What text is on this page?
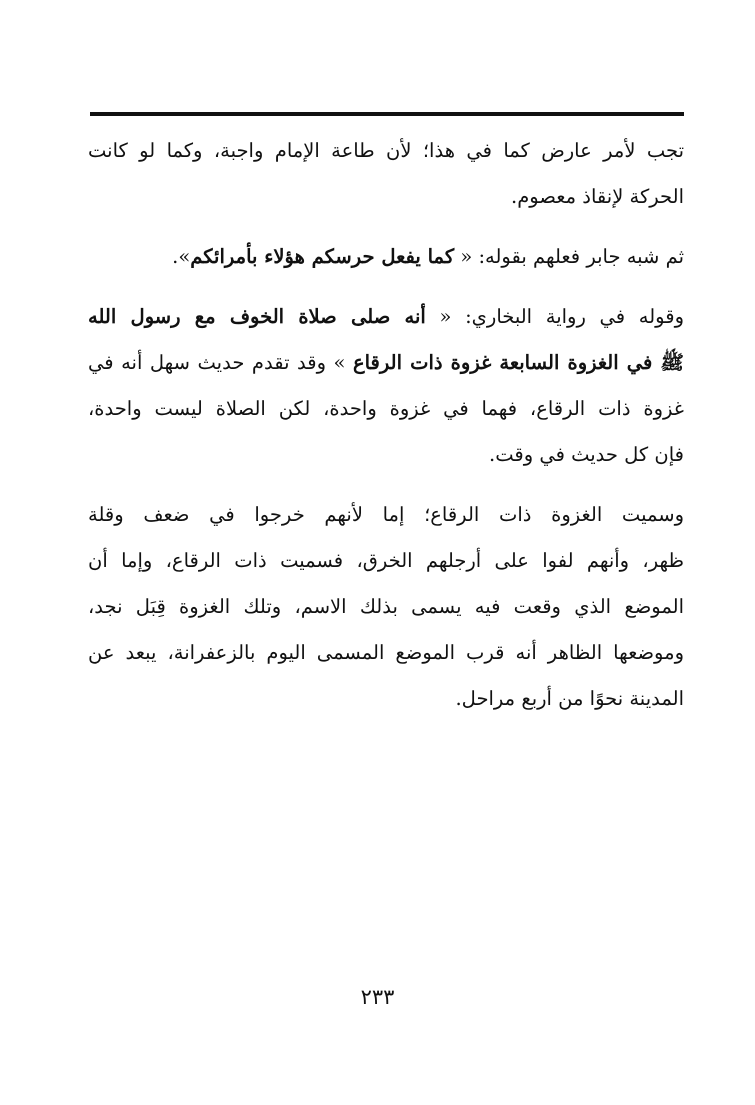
تجب لأمر عارض كما في هذا؛ لأن طاعة الإمام واجبة، وكما لو كانت
الحركة لإنقاذ معصوم.
ثم شبه جابر فعلهم بقوله: « كما يفعل حرسكم هؤلاء بأمرائكم».
وقوله في رواية البخاري: « أنه صلى صلاة الخوف مع رسول الله
ﷺ في الغزوة السابعة غزوة ذات الرقاع » وقد تقدم حديث سهل أنه في
غزوة ذات الرقاع، فهما في غزوة واحدة، لكن الصلاة ليست واحدة،
فإن كل حديث في وقت.
وسميت الغزوة ذات الرقاع؛ إما لأنهم خرجوا في ضعف وقلة
ظهر، وأنهم لفوا على أرجلهم الخرق، فسميت ذات الرقاع، وإما أن
الموضع الذي وقعت فيه يسمى بذلك الاسم، وتلك الغزوة قِبَل نجد،
وموضعها الظاهر أنه قرب الموضع المسمى اليوم بالزعفرانة، يبعد عن
المدينة نحوًا من أربع مراحل.
٢٣٣
